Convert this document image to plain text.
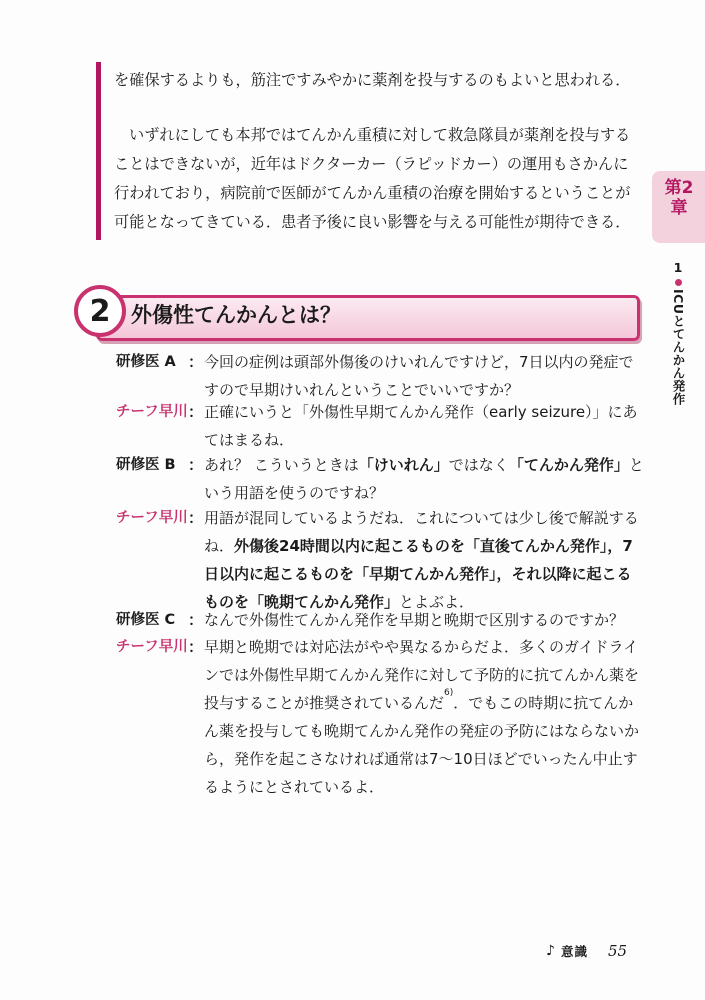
を確保するよりも，筋注ですみやかに薬剤を投与するのもよいと思われる．

いずれにしても本邦ではてんかん重積に対して救急隊員が薬剤を投与することはできないが，近年はドクターカー（ラピッドカー）の運用もさかんに行われており，病院前で医師がてんかん重積の治療を開始するということが可能となってきている．患者予後に良い影響を与える可能性が期待できる．

第2章
1
ICUとてんかん発作
2 外傷性てんかんとは？
研修医 A ： 今回の症例は頭部外傷後のけいれんですけど，7日以内の発症ですので早期けいれんということでいいですか？
チーフ早川 ： 正確にいうと「外傷性早期てんかん発作（early seizure）」にあてはまるね．
研修医 B ： あれ？ こういうときは「けいれん」ではなく「てんかん発作」という用語を使うのですね？
チーフ早川 ： 用語が混同しているようだね．これについては少し後で解説するね．外傷後24時間以内に起こるものを「直後てんかん発作」，7日以内に起こるものを「早期てんかん発作」，それ以降に起こるものを「晩期てんかん発作」とよぶよ．
研修医 C ： なんで外傷性てんかん発作を早期と晩期で区別するのですか？
チーフ早川 ： 早期と晩期では対応法がやや異なるからだよ．多くのガイドラインでは外傷性早期てんかん発作に対して予防的に抗てんかん薬を投与することが推奨されているんだ$^{6)}$．でもこの時期に抗てんかん薬を投与しても晩期てんかん発作の発症の予防にはならないから，発作を起こさなければ通常は7〜10日ほどでいったん中止するようにとされているよ．
♪ 意識 55
